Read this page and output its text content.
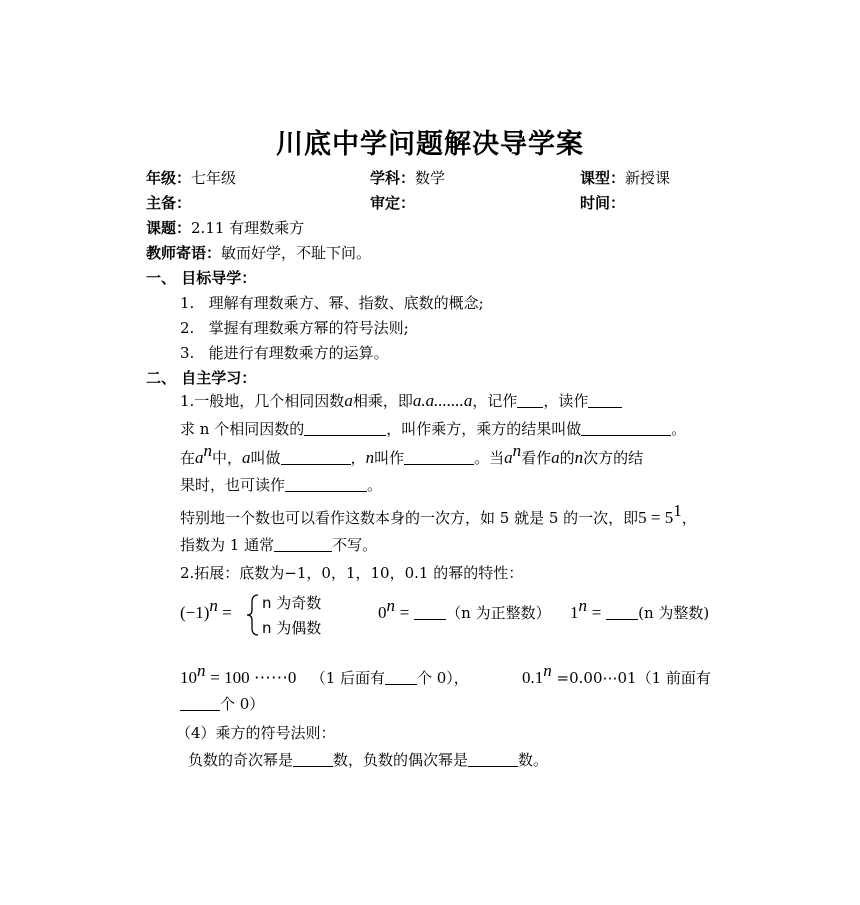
川底中学问题解决导学案
年级：七年级	学科：数学	课型：新授课
主备：	审定：	时间：
课题：2.11 有理数乘方
教师寄语：敏而好学，不耻下问。
一、 目标导学：
1. 理解有理数乘方、幂、指数、底数的概念;
2. 掌握有理数乘方幂的符号法则;
3. 能进行有理数乘方的运算。
二、 自主学习：
1.一般地，几个相同因数a相乘，即a.a.......a，记作 ，读作
求 n 个相同因数的	，叫作乘方，乘方的结果叫做	。
在$a^n$中，a叫做	，n叫作	。当$a^n$看作a的n次方的结
果时，也可读作	。
特别地一个数也可以看作这数本身的一次方，如 5 就是 5 的一次，即$5 = 5^1$，
指数为 1 通常	不写。
2.拓展：底数为−1，0，1，10，0.1 的幂的特性：
$(-1)^n = n$ 为奇数
n 为偶数
$0^n = (n$ 为正整数） $1^n = (n$ 为整数)
$10^n = 100$ ⋯⋯0 （1 后面有 个 0），	$0.1^n$ =0.00⋯01（1 前面有
个 0）
（4）乘方的符号法则：
负数的奇次幂是	数，负数的偶次幂是	数。
